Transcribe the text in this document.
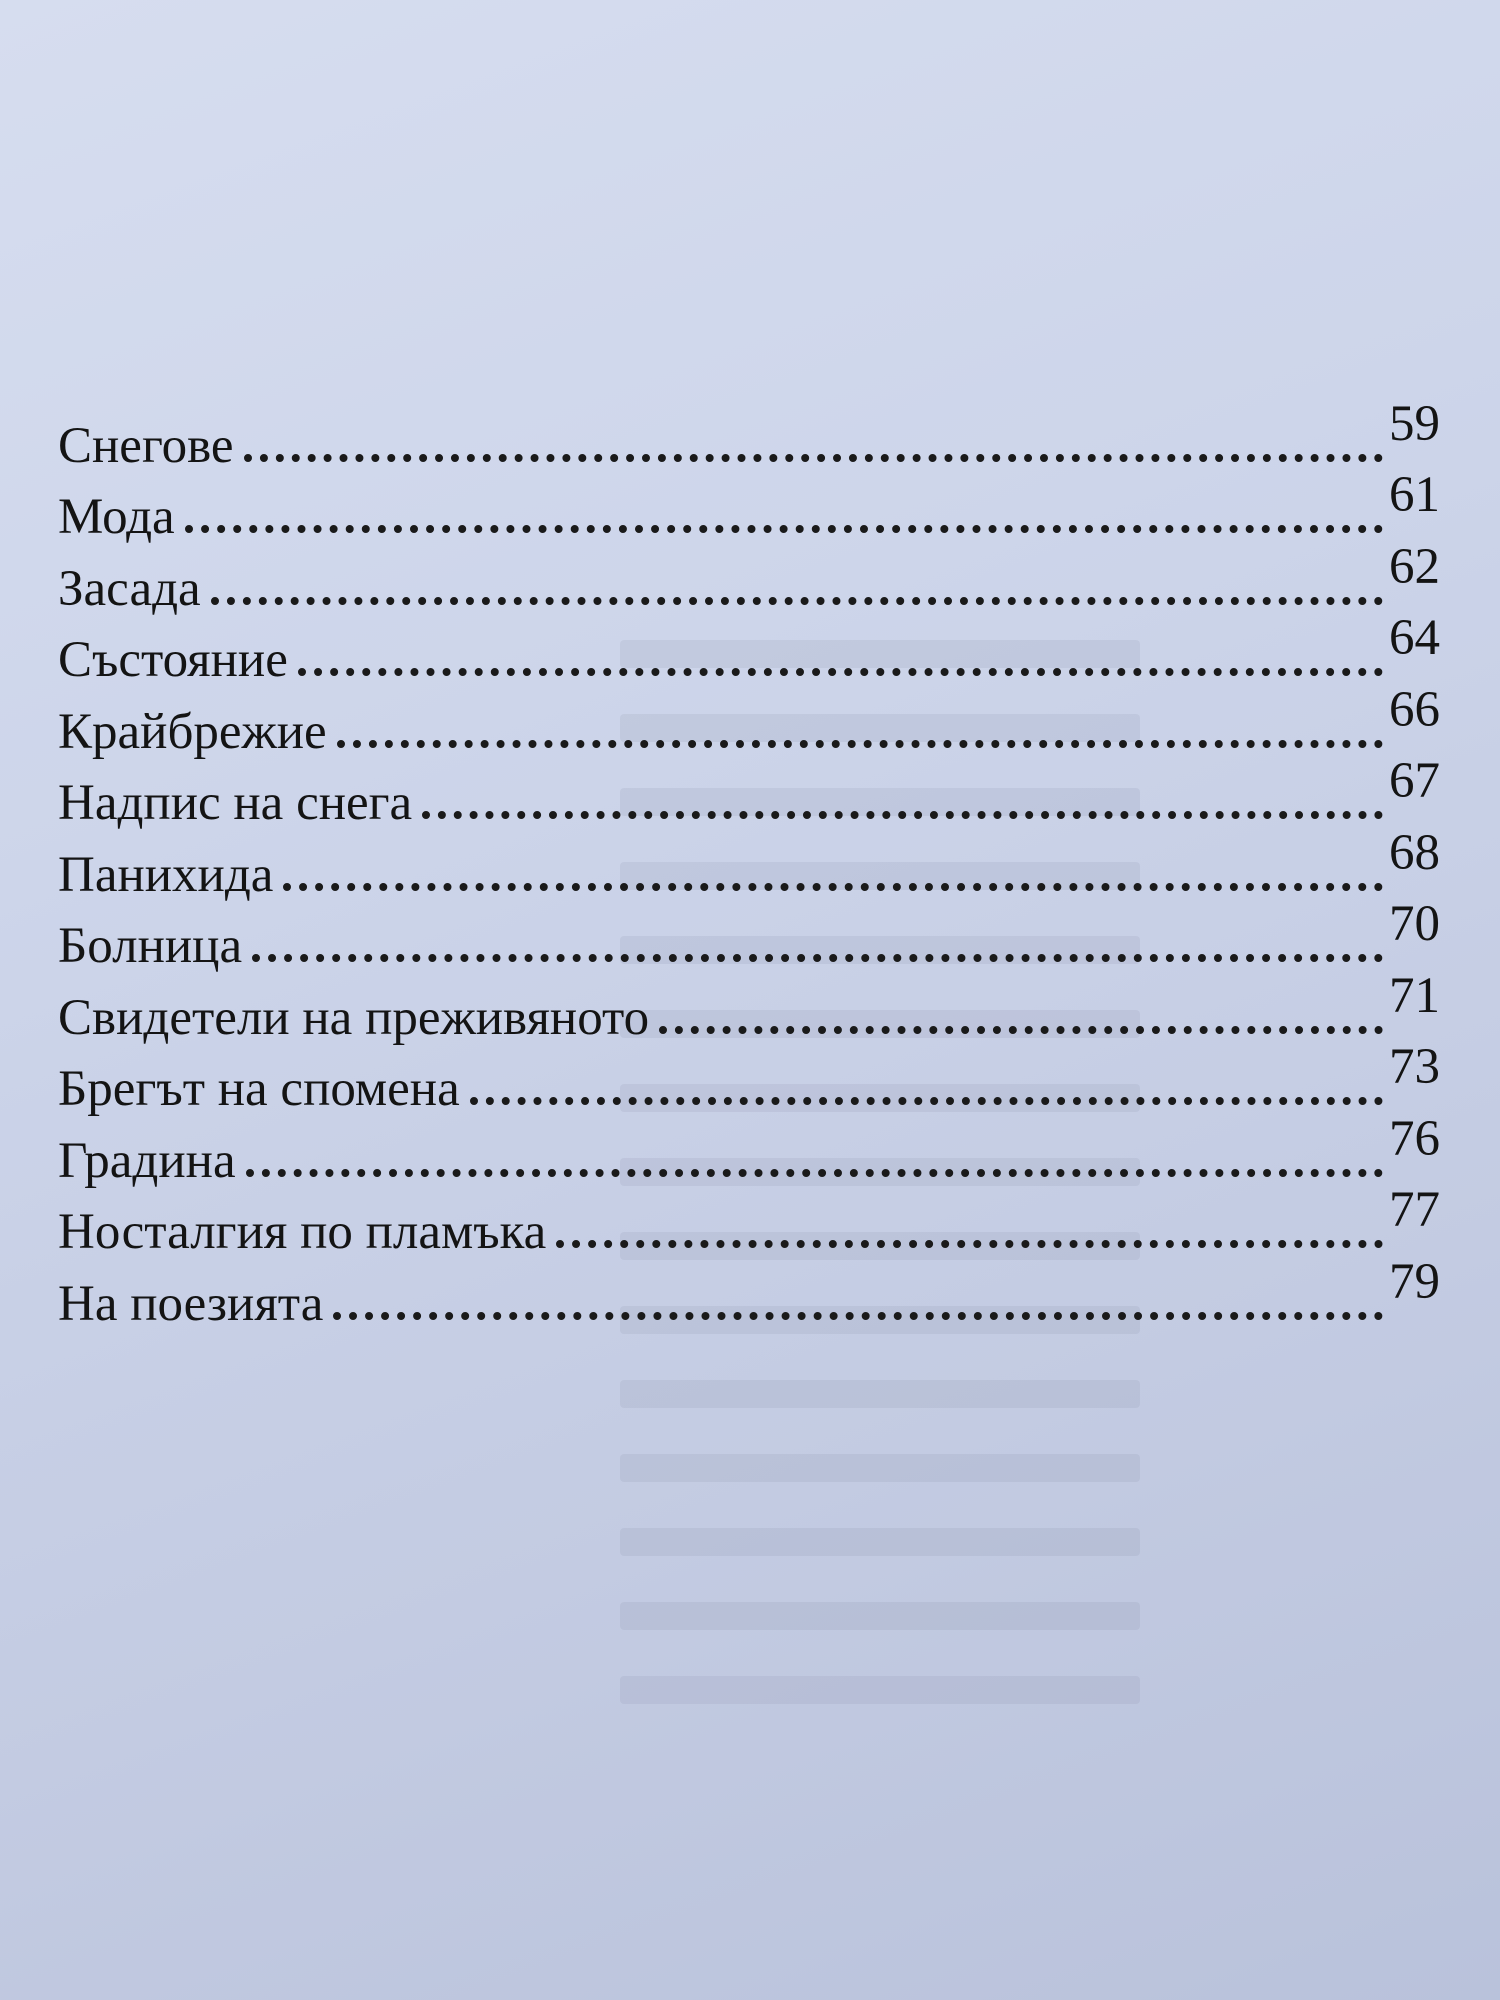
Снегове	59
Мода	61
Засада	62
Състояние	64
Крайбрежие	66
Надпис на снега	67
Панихида	68
Болница	70
Свидетели на преживяното	71
Брегът на спомена	73
Градина	76
Носталгия по пламъка	77
На поезията	79
